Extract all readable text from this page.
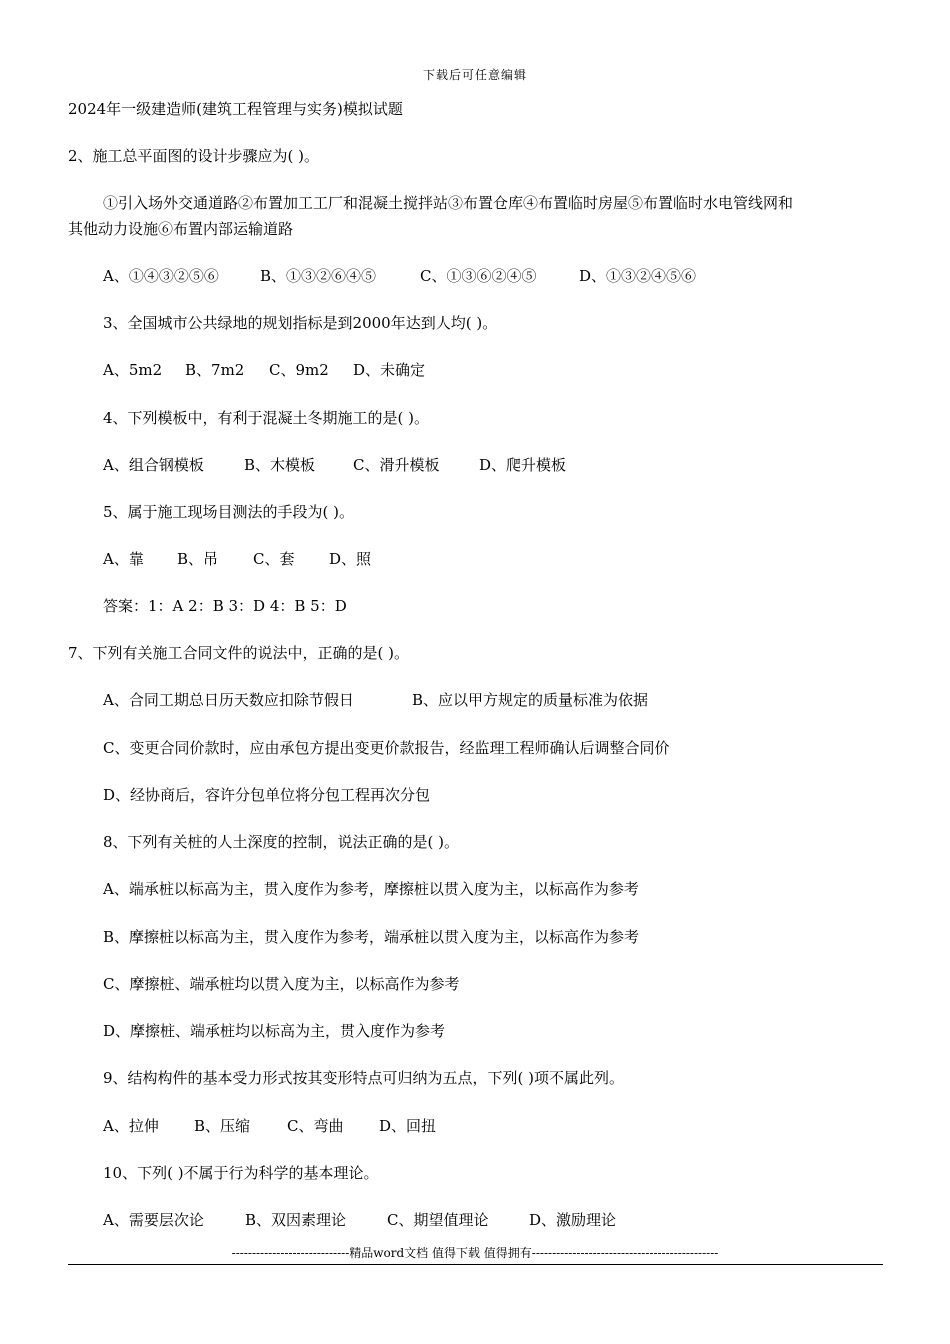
下载后可任意编辑
2024年一级建造师(建筑工程管理与实务)模拟试题
2、施工总平面图的设计步骤应为( )。
①引入场外交通道路②布置加工工厂和混凝土搅拌站③布置仓库④布置临时房屋⑤布置临时水电管线网和
其他动力设施⑥布置内部运输道路
A、①④③②⑤⑥	B、①③②⑥④⑤	C、①③⑥②④⑤	D、①③②④⑤⑥
3、全国城市公共绿地的规划指标是到2000年达到人均( )。
A、5m2 B、7m2 C、9m2 D、未确定
4、下列模板中，有利于混凝土冬期施工的是( )。
A、组合钢模板	B、木模板	C、滑升模板	D、爬升模板
5、属于施工现场目测法的手段为( )。
A、靠 B、吊 C、套 D、照
答案：1：A 2：B 3：D 4：B 5：D
7、下列有关施工合同文件的说法中，正确的是( )。
A、合同工期总日历天数应扣除节假日	B、应以甲方规定的质量标准为依据
C、变更合同价款时，应由承包方提出变更价款报告，经监理工程师确认后调整合同价
D、经协商后，容许分包单位将分包工程再次分包
8、下列有关桩的人土深度的控制，说法正确的是( )。
A、端承桩以标高为主，贯入度作为参考，摩擦桩以贯入度为主，以标高作为参考
B、摩擦桩以标高为主，贯入度作为参考，端承桩以贯入度为主，以标高作为参考
C、摩擦桩、端承桩均以贯入度为主，以标高作为参考
D、摩擦桩、端承桩均以标高为主，贯入度作为参考
9、结构构件的基本受力形式按其变形特点可归纳为五点，下列( )项不属此列。
A、拉伸 B、压缩 C、弯曲 D、回扭
10、下列( )不属于行为科学的基本理论。
A、需要层次论	B、双因素理论	C、期望值理论	D、激励理论
-----------------------------精品word文档 值得下载 值得拥有----------------------------------------------
